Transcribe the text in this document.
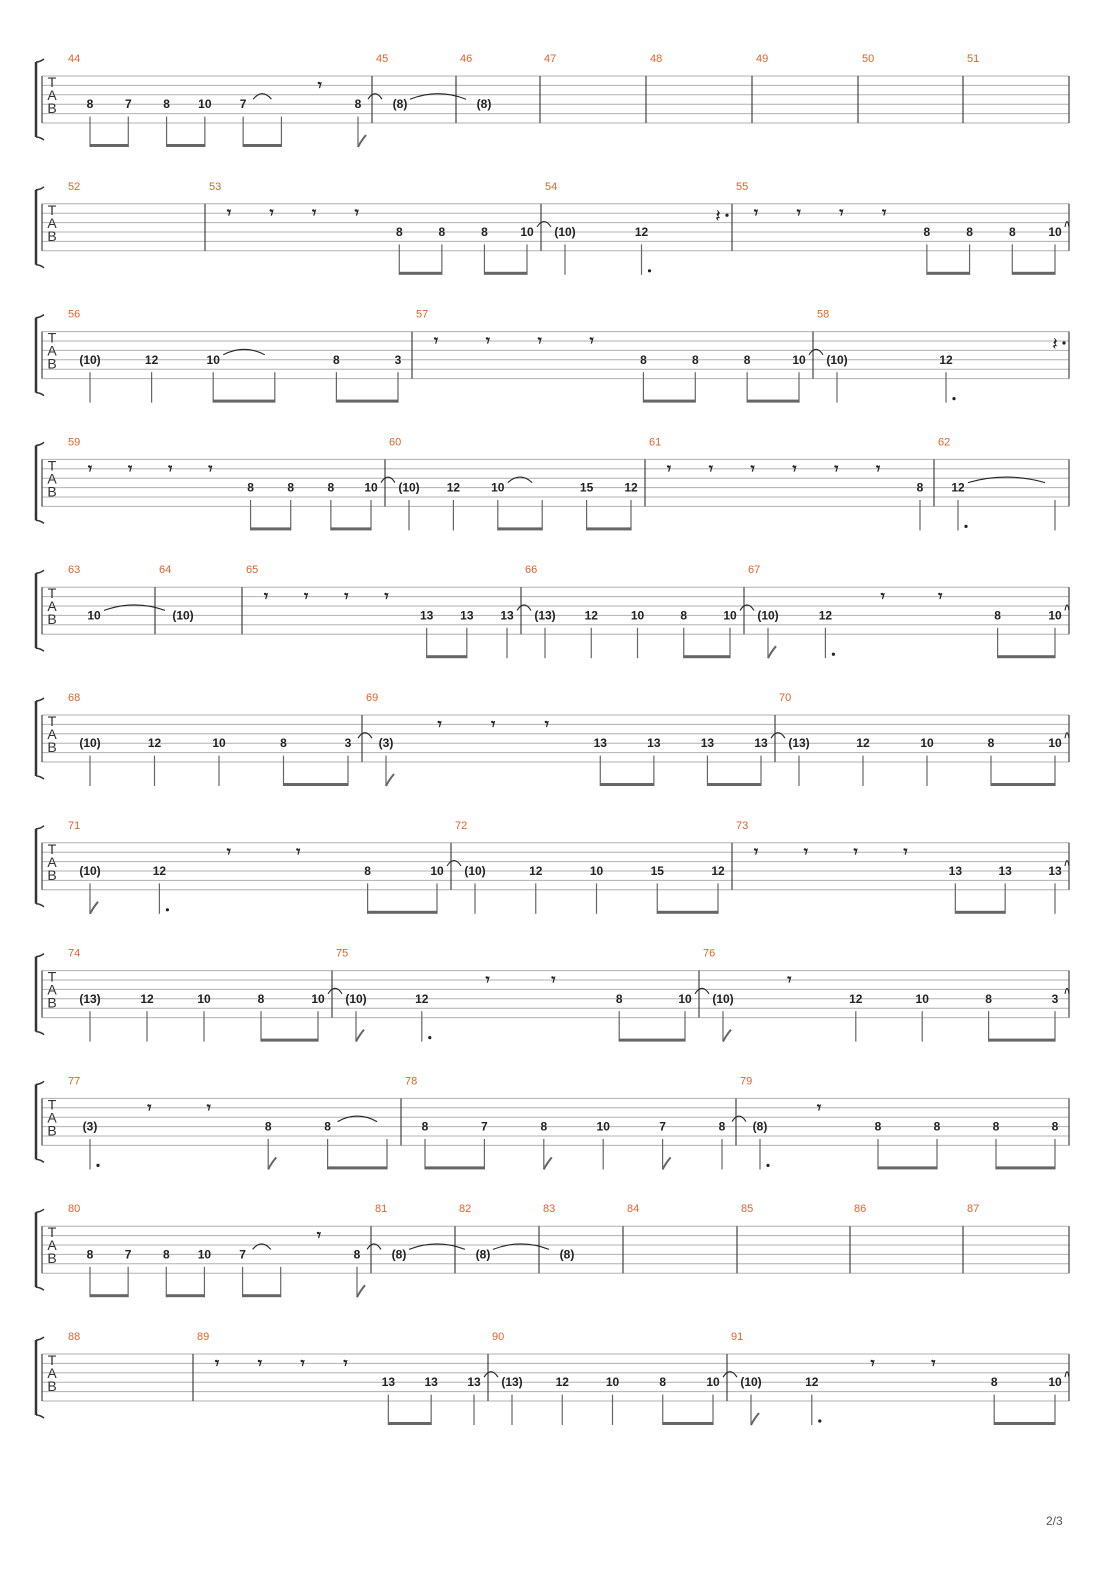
T
A
B
44
8	7	8 10 7
𝄾
8
45
(8)
46
(8)
47	48	49	50	51
T
A
B
52	53
𝄾 𝄾 𝄾 𝄾
8	8	8	10
54
(10)	12
𝄽
55
𝄾 𝄾 𝄾 𝄾
8	8	8	10
T
A
B
56
(10)	12	10	8	3
57
𝄾	𝄾	𝄾	𝄾
8	8	8	10
58
(10)	12
𝄽
T
A
B
59
𝄾 𝄾 𝄾 𝄾
8	8	8	10
60
(10) 12	10	15	12
61
𝄾 𝄾 𝄾 𝄾 𝄾 𝄾
8
62
12
T
A
B
63
10
64
(10)
65
𝄾 𝄾 𝄾 𝄾
13 13 13
66
(13) 12	10	8	10
67
(10)	12
𝄾	𝄾
8	10
T
A
B
68
(10)	12	10	8	3
69
(3)
𝄾	𝄾	𝄾
13	13	13	13
70
(13)	12	10	8	10
T
A
B
71
(10)	12
𝄾	𝄾
8	10
72
(10)	12	10	15	12
73
𝄾	𝄾	𝄾	𝄾
13	13	13
T
A
B
74
(13)	12	10	8	10
75
(10)	12
𝄾	𝄾
8	10
76
(10)
𝄾
12	10	8	3
T
A
B
77
(3)
𝄾	𝄾
8	8
78
8	7	8	10	7	8
79
(8)
𝄾
8	8	8	8
T
A
B
80
8	7	8 10 7
𝄾
8
81
(8)
82
(8)
83
(8)
84	85	86	87
T
A
B
88	89
𝄾 𝄾 𝄾 𝄾
13 13 13
90
(13)	12	10	8	10
91
(10)	12
𝄾	𝄾
8	10
2/3
